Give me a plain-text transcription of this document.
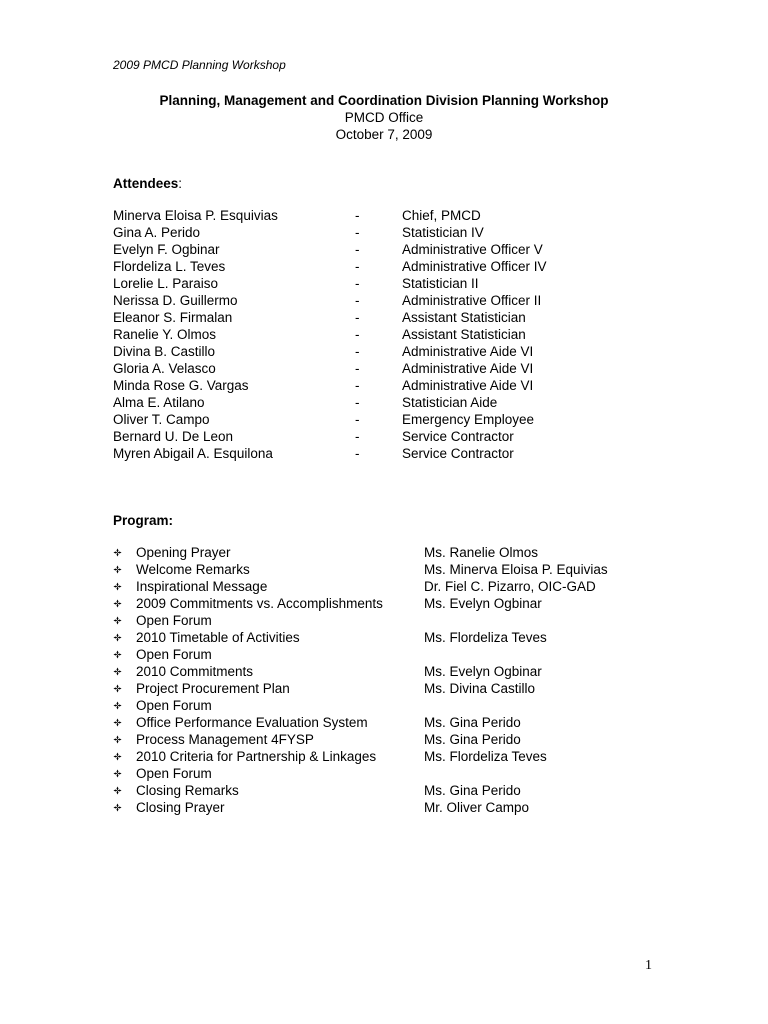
2009 PMCD Planning Workshop
Planning, Management and Coordination Division Planning Workshop
PMCD Office
October 7, 2009
Attendees:
Minerva Eloisa P. Esquivias	-	Chief, PMCD
Gina A. Perido	-	Statistician IV
Evelyn F. Ogbinar	-	Administrative Officer V
Flordeliza L. Teves	-	Administrative Officer IV
Lorelie L. Paraiso	-	Statistician II
Nerissa D. Guillermo	-	Administrative Officer II
Eleanor S. Firmalan	-	Assistant Statistician
Ranelie Y. Olmos	-	Assistant Statistician
Divina B. Castillo	-	Administrative Aide VI
Gloria A. Velasco	-	Administrative Aide VI
Minda Rose G. Vargas	-	Administrative Aide VI
Alma E. Atilano	-	Statistician Aide
Oliver T. Campo	-	Emergency Employee
Bernard U. De Leon	-	Service Contractor
Myren Abigail A. Esquilona	-	Service Contractor
Program:
Opening Prayer	Ms. Ranelie Olmos
Welcome Remarks	Ms. Minerva Eloisa P. Equivias
Inspirational Message	Dr. Fiel C. Pizarro, OIC-GAD
2009 Commitments vs. Accomplishments	Ms. Evelyn Ogbinar
Open Forum
2010 Timetable of Activities	Ms. Flordeliza Teves
Open Forum
2010 Commitments	Ms. Evelyn Ogbinar
Project Procurement Plan	Ms. Divina Castillo
Open Forum
Office Performance Evaluation System	Ms. Gina Perido
Process Management 4FYSP	Ms. Gina Perido
2010 Criteria for Partnership & Linkages	Ms. Flordeliza Teves
Open Forum
Closing Remarks	Ms. Gina Perido
Closing Prayer	Mr. Oliver Campo
1
